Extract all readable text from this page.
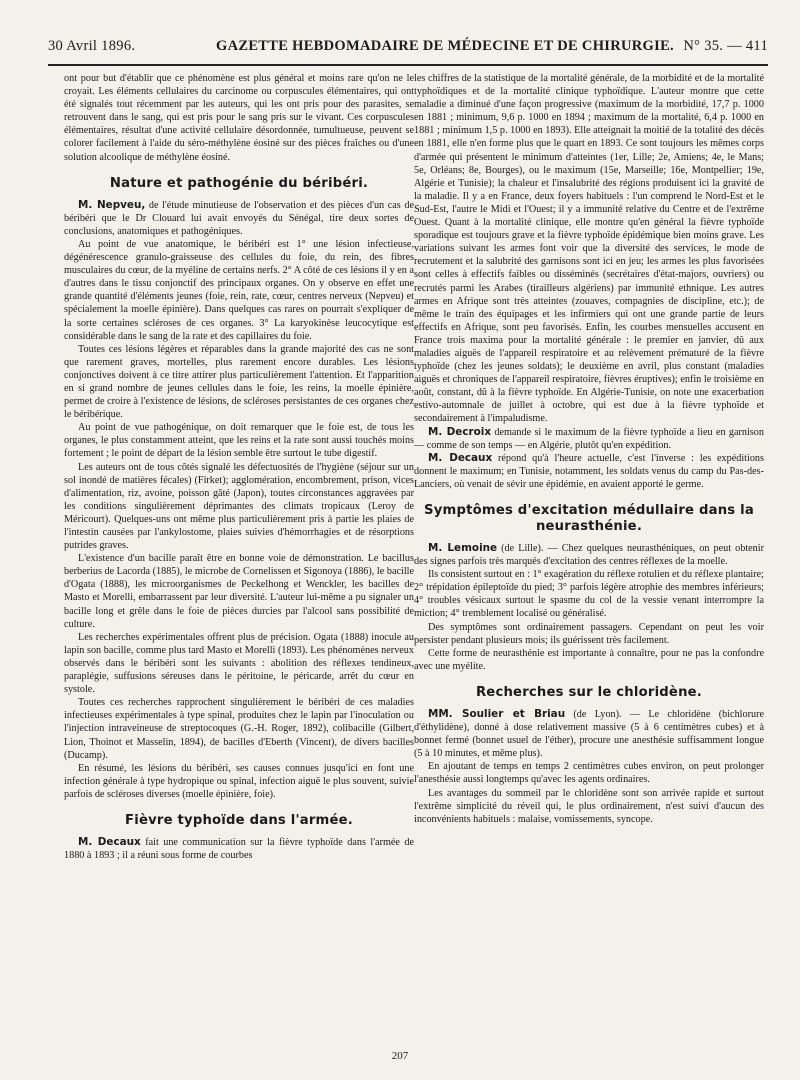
30 Avril 1896.	GAZETTE HEBDOMADAIRE DE MÉDECINE ET DE CHIRURGIE. N° 35. — 411

ont pour but d'établir que ce phénomène est plus général et moins rare qu'on ne le croyait. Les éléments cellulaires du carcinome ou corpuscules élémentaires, qui ont été signalés tout récemment par les auteurs, qui les ont pris pour des parasites, se retrouvent dans le sang, qui est pris pour le sang pris sur le vivant. Ces corpuscules élémentaires, résultat d'une activité cellulaire désordonnée, tumultueuse, peuvent se colorer facilement à l'aide du séro-méthylène éosiné sur des pièces fraîches ou d'une solution alcoolique de méthylène éosiné.

Nature et pathogénie du béribéri.

M. Nepveu, de l'étude minutieuse de l'observation et des pièces d'un cas de béribéri que le Dr Clouard lui avait envoyés du Sénégal, tire deux sortes de conclusions, anatomiques et pathogéniques.

Au point de vue anatomique, le béribéri est 1° une lésion infectieuse, dégénérescence granulo-graisseuse des cellules du foie, du rein, des fibres musculaires du cœur, de la myéline de certains nerfs. 2° A côté de ces lésions il y en a d'autres dans le tissu conjonctif des principaux organes. On y observe en effet une grande quantité d'éléments jeunes (foie, rein, rate, cœur, centres nerveux (Nepveu) et spécialement la moelle épinière). Dans quelques cas rares on pourrait s'expliquer de la sorte certaines scléroses de ces organes. 3° La karyokinèse leucocytique est considérable dans le sang de la rate et des capillaires du foie.

Toutes ces lésions légères et réparables dans la grande majorité des cas ne sont que rarement graves, mortelles, plus rarement encore durables. Les lésions conjonctives doivent à ce titre attirer plus particulièrement l'attention. Et l'apparition en si grand nombre de jeunes cellules dans le foie, les reins, la moelle épinière, permet de croire à l'existence de lésions, de scléroses persistantes de ces organes chez le béribérique.

Au point de vue pathogénique, on doit remarquer que le foie est, de tous les organes, le plus constamment atteint, que les reins et la rate sont aussi touchés moins fortement ; le point de départ de la lésion semble être surtout le tube digestif.

Les auteurs ont de tous côtés signalé les défectuosités de l'hygiène (séjour sur un sol inondé de matières fécales) (Firket); agglomération, encombrement, prison, vices d'alimentation, riz, avoine, poisson gâté (Japon), toutes circonstances aggravées par les conditions singulièrement déprimantes des climats tropicaux (Leroy de Méricourt). Quelques-uns ont même plus particulièrement pris à partie les plaies de l'intestin causées par l'ankylostome, plaies suivies d'hémorrhagies et de résorptions putrides graves.

L'existence d'un bacille paraît être en bonne voie de démonstration. Le bacillus berberius de Lacorda (1885), le microbe de Cornelissen et Sigonoya (1886), le bacille d'Ogata (1888), les microorganismes de Peckelhong et Wenckler, les bacilles de Masto et Morelli, embarrassent par leur diversité. L'auteur lui-même a pu signaler un bacille long et grêle dans le foie de pièces durcies par l'alcool sans possibilité de culture.

Les recherches expérimentales offrent plus de précision. Ogata (1888) inocule au lapin son bacille, comme plus tard Masto et Morelli (1893). Les phénomènes nerveux observés dans le béribéri sont les suivants : abolition des réflexes tendineux, paraplégie, suffusions séreuses dans le péritoine, le péricarde, arrêt du cœur en systole.

Toutes ces recherches rapprochent singulièrement le béribéri de ces maladies infectieuses expérimentales à type spinal, produites chez le lapin par l'inoculation ou l'injection intraveineuse de streptocoques (G.-H. Roger, 1892), colibacille (Gilbert, Lion, Thoinot et Masselin, 1894), de bacilles d'Eberth (Vincent), de divers bacilles (Ducamp).

En résumé, les lésions du béribéri, ses causes connues jusqu'ici en font une infection générale à type hydropique ou spinal, infection aiguë le plus souvent, suivie parfois de scléroses diverses (moelle épinière, foie).

Fièvre typhoïde dans l'armée.

M. Decaux fait une communication sur la fièvre typhoïde dans l'armée de 1880 à 1893 ; il a réuni sous forme de courbes

les chiffres de la statistique de la mortalité générale, de la morbidité et de la mortalité typhoïdiques et de la mortalité clinique typhoïdique. L'auteur montre que cette maladie a diminué d'une façon progressive (maximum de la morbidité, 17,7 p. 1000 en 1881 ; minimum, 9,6 p. 1000 en 1894 ; maximum de la mortalité, 6,4 p. 1000 en 1881 ; minimum 1,5 p. 1000 en 1893). Elle atteignait la moitié de la totalité des décès en 1881, elle n'en forme plus que le quart en 1893. Ce sont toujours les mêmes corps d'armée qui présentent le minimum d'atteintes (1er, Lille; 2e, Amiens; 4e, le Mans; 5e, Orléans; 8e, Bourges), ou le maximum (15e, Marseille; 16e, Montpellier; 19e, Algérie et Tunisie); la chaleur et l'insalubrité des régions produisent ici la gravité de la maladie. Il y a en France, deux foyers habituels : l'un comprend le Nord-Est et le Sud-Est, l'autre le Midi et l'Ouest; il y a immunité relative du Centre et de l'extrême Ouest. Quant à la mortalité clinique, elle montre qu'en général la fièvre typhoïde sporadique est toujours grave et la fièvre typhoïde épidémique bien moins grave. Les variations suivant les armes font voir que la diversité des services, le mode de recrutement et la salubrité des garnisons sont ici en jeu; les armes les plus favorisées sont celles à effectifs faibles ou disséminés (secrétaires d'état-majors, ouvriers) ou recrutés parmi les Arabes (tirailleurs algériens) par immunité ethnique. Les autres armes en Afrique sont très atteintes (zouaves, compagnies de discipline, etc.); de même le train des équipages et les infirmiers qui ont une grande partie de leurs effectifs en Afrique, sont peu favorisés. Enfin, les courbes mensuelles accusent en France trois maxima pour la mortalité générale : le premier en janvier, dû aux maladies aiguës de l'appareil respiratoire et au relèvement prématuré de la fièvre typhoïde (chez les jeunes soldats); le deuxième en avril, plus constant (maladies aiguës et chroniques de l'appareil respiratoire, fièvres éruptives); enfin le troisième en août, constant, dû à la fièvre typhoïde. En Algérie-Tunisie, on note une exacerbation estivo-automnale de juillet à octobre, qui est due à la fièvre typhoïde et secondairement à l'impaludisme.

M. Decroix demande si le maximum de la fièvre typhoïde a lieu en garnison — comme de son temps — en Algérie, plutôt qu'en expédition.

M. Decaux répond qu'à l'heure actuelle, c'est l'inverse : les expéditions donnent le maximum; en Tunisie, notamment, les soldats venus du camp du Pas-des-Lanciers, où venait de sévir une épidémie, en avaient apporté le germe.

Symptômes d'excitation médullaire dans la neurasthénie.

M. Lemoine (de Lille). — Chez quelques neurasthéniques, on peut obtenir des signes parfois très marqués d'excitation des centres réflexes de la moelle.

Ils consistent surtout en : 1° exagération du réflexe rotulien et du réflexe plantaire; 2° trépidation épileptoïde du pied; 3° parfois légère atrophie des membres inférieurs; 4° troubles vésicaux surtout le spasme du col de la vessie venant interrompre la miction; 4° tremblement localisé ou généralisé.

Des symptômes sont ordinairement passagers. Cependant on peut les voir persister pendant plusieurs mois; ils guérissent très facilement.

Cette forme de neurasthénie est importante à connaître, pour ne pas la confondre avec une myélite.

Recherches sur le chloridène.

MM. Soulier et Briau (de Lyon). — Le chloridène (bichlorure d'éthylidène), donné à dose relativement massive (5 à 6 centimètres cubes) et à bonnet fermé (bonnet usuel de l'éther), procure une anesthésie suffisamment longue (5 à 10 minutes, et même plus).

En ajoutant de temps en temps 2 centimètres cubes environ, on peut prolonger l'anesthésie aussi longtemps qu'avec les agents ordinaires.

Les avantages du sommeil par le chloridène sont son arrivée rapide et surtout l'extrême simplicité du réveil qui, le plus ordinairement, n'est suivi d'aucun des inconvénients habituels : malaise, vomissements, syncope.

207
